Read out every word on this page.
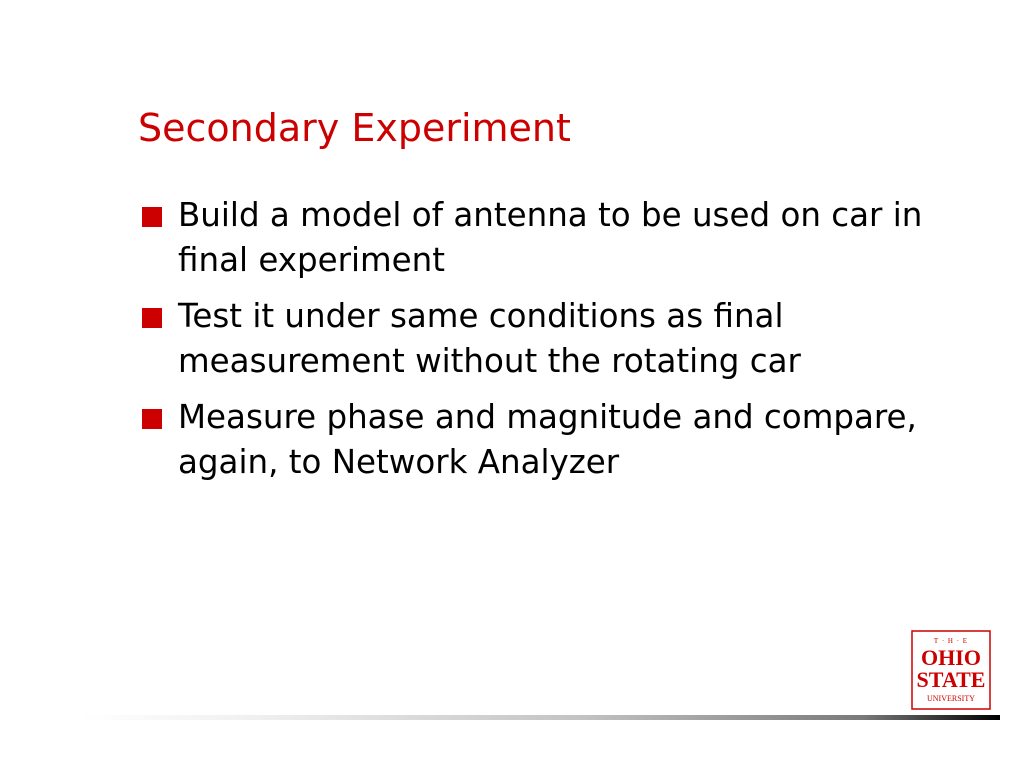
Secondary Experiment
Build a model of antenna to be used on car in final experiment
Test it under same conditions as final measurement without the rotating car
Measure phase and magnitude and compare, again, to Network Analyzer
T · H · E
OHIO
STATE
UNIVERSITY
